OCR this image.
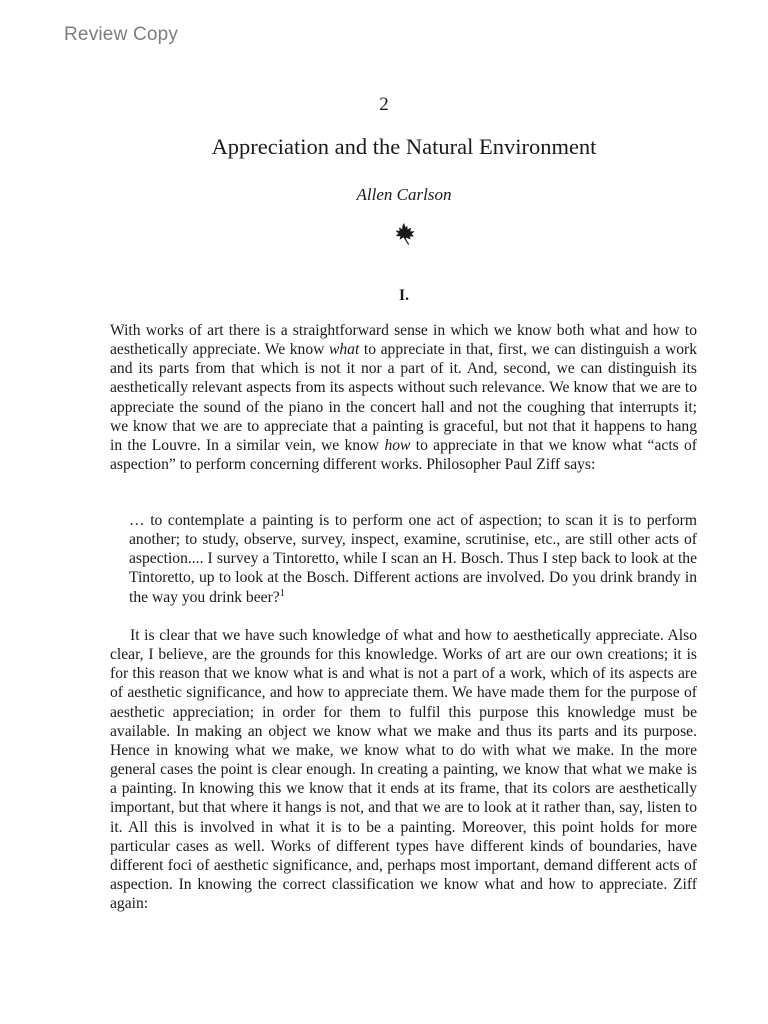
Review Copy
2
Appreciation and the Natural Environment
Allen Carlson
I.

With works of art there is a straightforward sense in which we know both what and how to aesthetically appreciate. We know what to appreciate in that, first, we can distinguish a work and its parts from that which is not it nor a part of it. And, second, we can distinguish its aesthetically relevant aspects from its aspects without such relevance. We know that we are to appreciate the sound of the piano in the concert hall and not the coughing that interrupts it; we know that we are to appreciate that a painting is graceful, but not that it happens to hang in the Louvre. In a similar vein, we know how to appreciate in that we know what “acts of aspection” to perform concerning different works. Philosopher Paul Ziff says:

… to contemplate a painting is to perform one act of aspection; to scan it is to perform another; to study, observe, survey, inspect, examine, scrutinise, etc., are still other acts of aspection.... I survey a Tintoretto, while I scan an H. Bosch. Thus I step back to look at the Tintoretto, up to look at the Bosch. Different actions are involved. Do you drink brandy in the way you drink beer?$^1$

It is clear that we have such knowledge of what and how to aesthetically appreciate. Also clear, I believe, are the grounds for this knowledge. Works of art are our own creations; it is for this reason that we know what is and what is not a part of a work, which of its aspects are of aesthetic significance, and how to appreciate them. We have made them for the purpose of aesthetic appreciation; in order for them to fulfil this purpose this knowledge must be available. In making an object we know what we make and thus its parts and its purpose. Hence in knowing what we make, we know what to do with what we make. In the more general cases the point is clear enough. In creating a painting, we know that what we make is a painting. In knowing this we know that it ends at its frame, that its colors are aesthetically important, but that where it hangs is not, and that we are to look at it rather than, say, listen to it. All this is involved in what it is to be a painting. Moreover, this point holds for more particular cases as well. Works of different types have different kinds of boundaries, have different foci of aesthetic significance, and, perhaps most important, demand different acts of aspection. In knowing the correct classification we know what and how to appreciate. Ziff again:
